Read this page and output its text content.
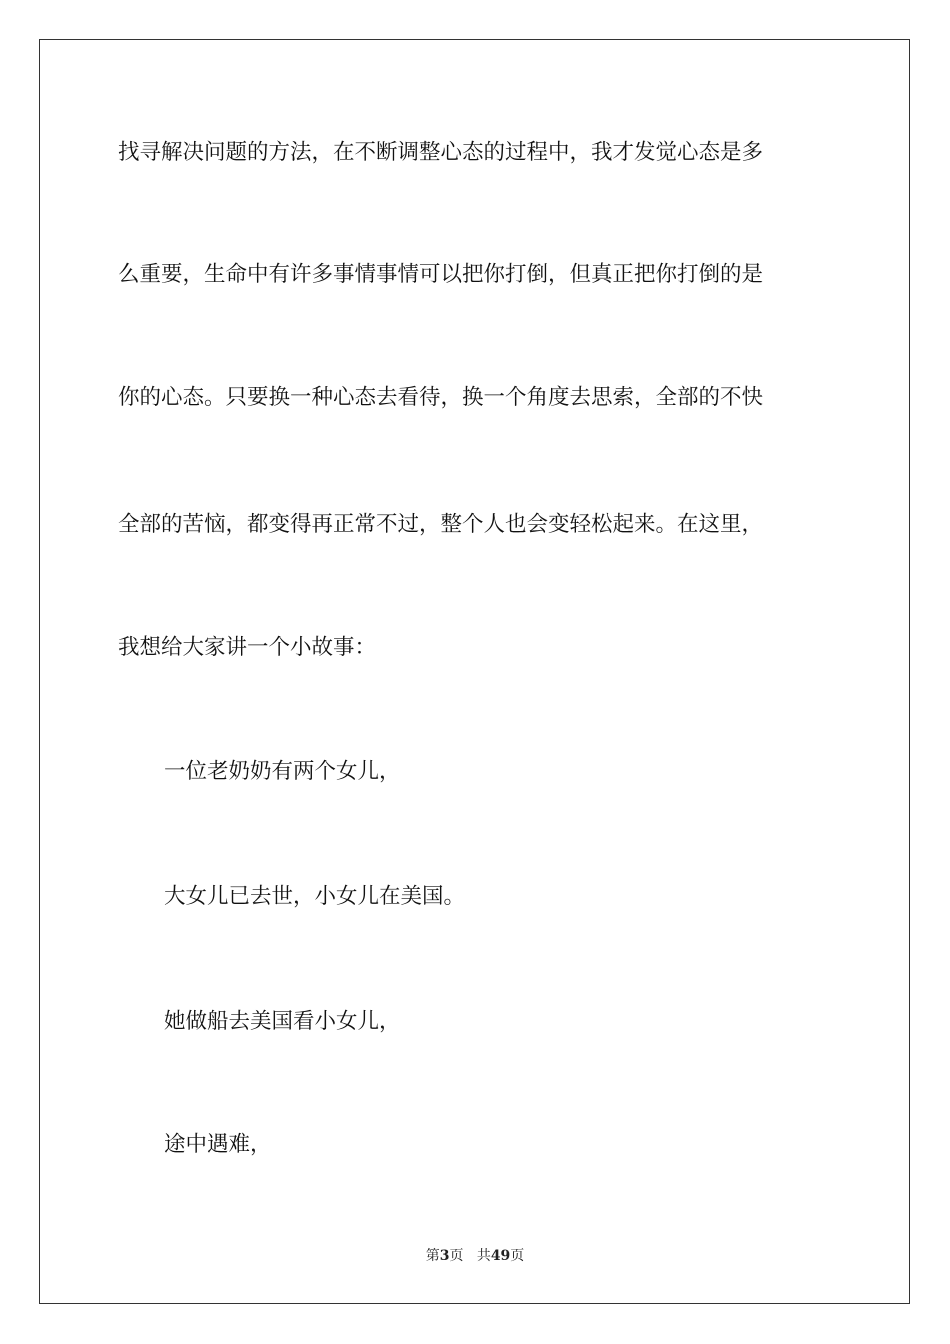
找寻解决问题的方法，在不断调整心态的过程中，我才发觉心态是多
么重要，生命中有许多事情事情可以把你打倒，但真正把你打倒的是
你的心态。只要换一种心态去看待，换一个角度去思索，全部的不快
全部的苦恼，都变得再正常不过，整个人也会变轻松起来。在这里，
我想给大家讲一个小故事：
一位老奶奶有两个女儿，
大女儿已去世，小女儿在美国。
她做船去美国看小女儿，
途中遇难，
第3页 共49页
